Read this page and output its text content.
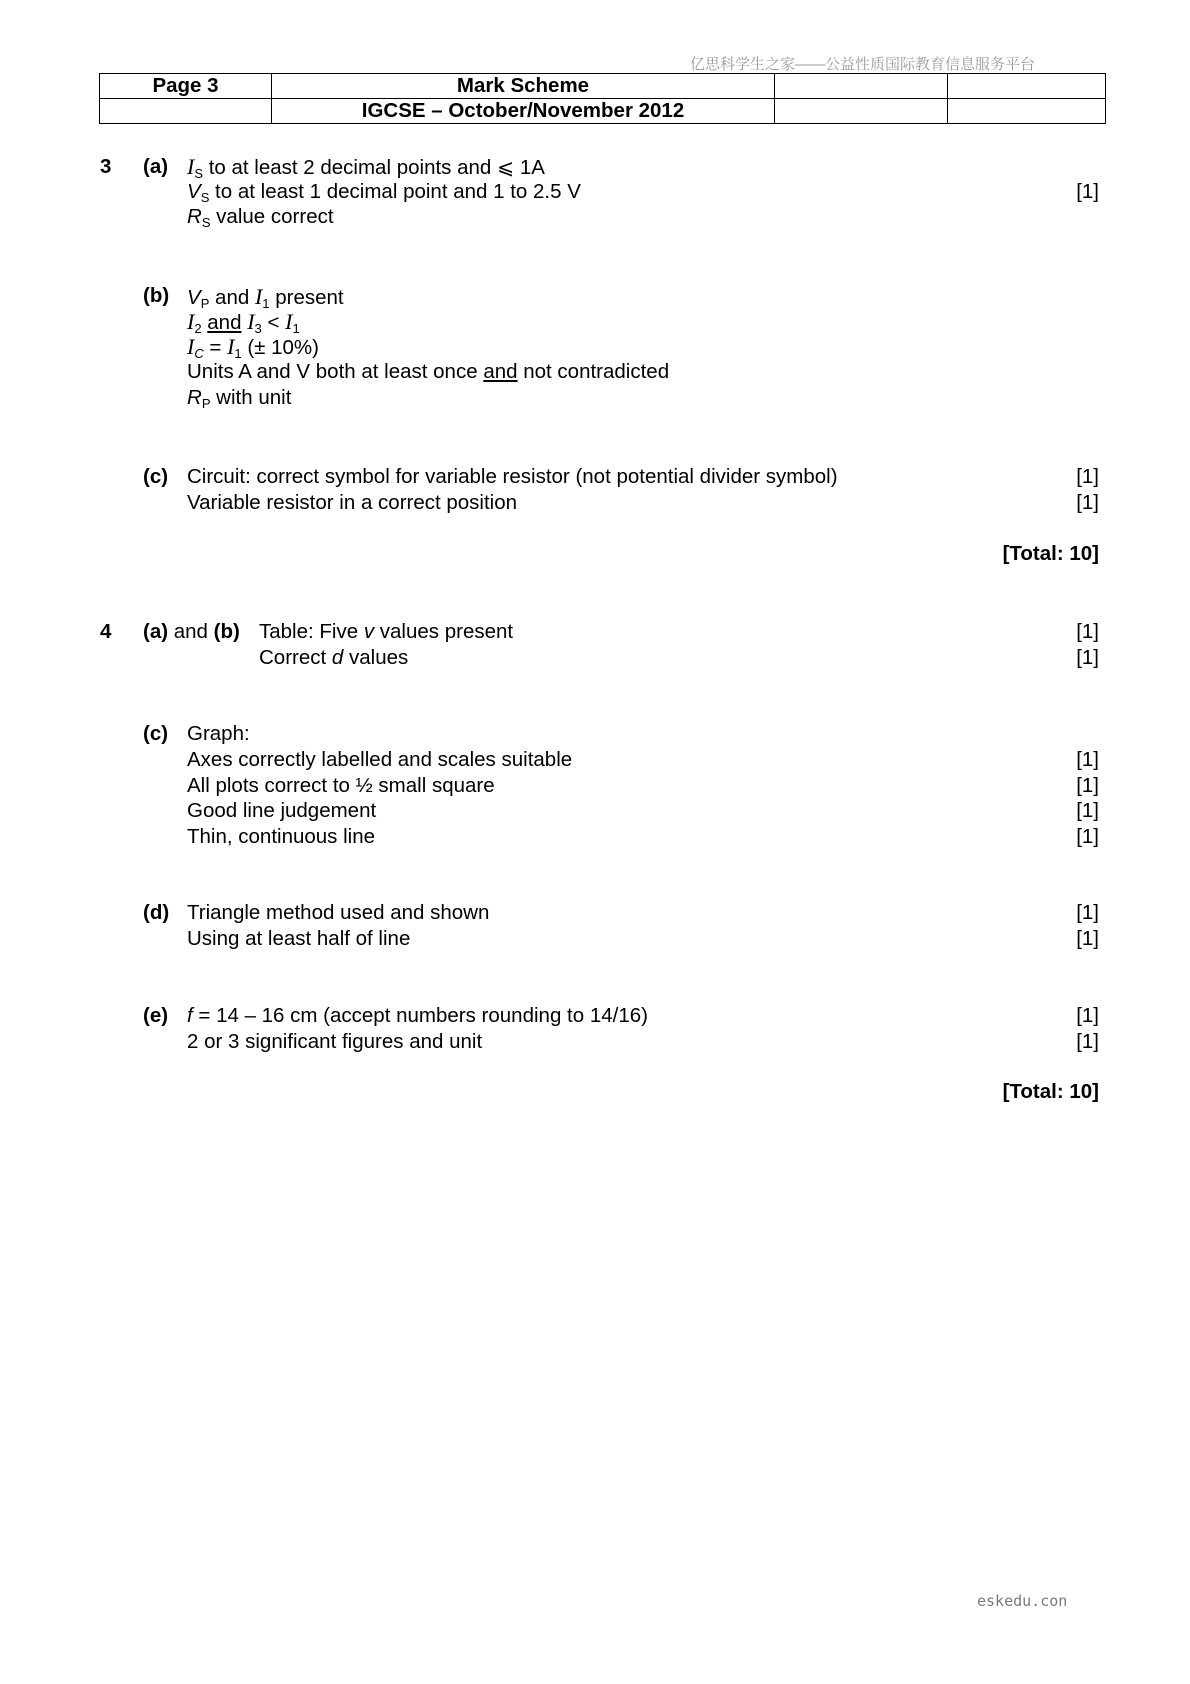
亿思科学生之家——公益性质国际教育信息服务平台
Page 3	Mark Scheme		
	IGCSE – October/November 2012		
3 (a) $I_S$ to at least 2 decimal points and ⩽ 1A
$V_S$ to at least 1 decimal point and 1 to 2.5 V	[1]
$R_S$ value correct
(b) $V_P$ and $I_1$ present
$I_2$ and $I_3 < I_1$
$I_C = I_1$ (± 10%)
Units A and V both at least once and not contradicted
$R_P$ with unit
(c) Circuit: correct symbol for variable resistor (not potential divider symbol)	[1]
Variable resistor in a correct position	[1]
[Total: 10]
4 (a) and (b) Table: Five v values present	[1]
Correct d values	[1]
(c) Graph:
Axes correctly labelled and scales suitable	[1]
All plots correct to ½ small square	[1]
Good line judgement	[1]
Thin, continuous line	[1]
(d) Triangle method used and shown	[1]
Using at least half of line	[1]
(e) f = 14 – 16 cm (accept numbers rounding to 14/16)	[1]
2 or 3 significant figures and unit	[1]
[Total: 10]
eskedu.con
